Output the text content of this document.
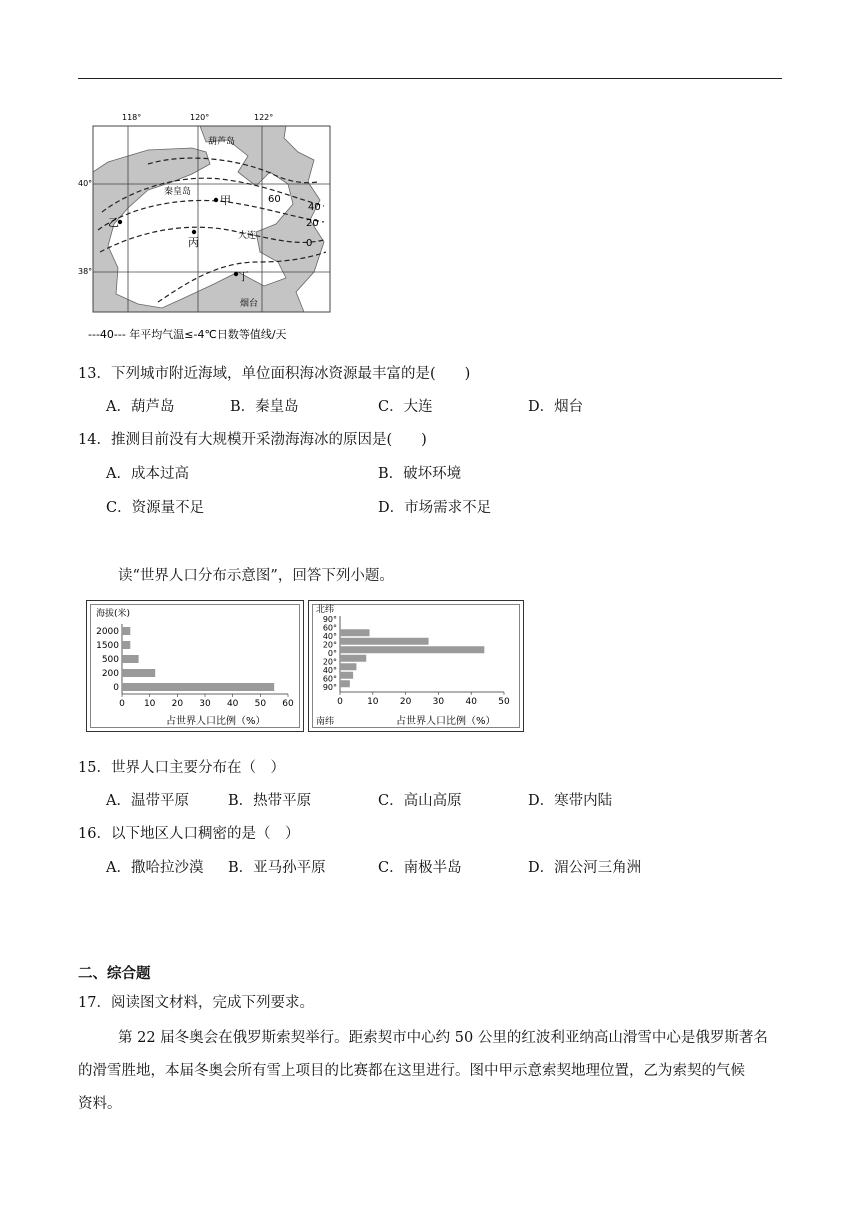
118°	120°	122°
40°
38°
葫芦岛
秦皇岛
大连
烟台
甲
乙
丙
丁
60
40
20
0
---40--- 年平均气温≤-4℃日数等值线/天
13．下列城市附近海域，单位面积海冰资源最丰富的是(　　)
A．葫芦岛	B．秦皇岛	C．大连	D．烟台
14．推测目前没有大规模开采渤海海冰的原因是(　　)
A．成本过高	B．破坏环境
C．资源量不足	D．市场需求不足
读“世界人口分布示意图”，回答下列小题。
海拔(米)
2000
1500
500
200
0
0 10 20 30 40 50 60
占世界人口比例（%）
北纬
90°
60°
40°
20°
0°
20°
40°
60°
90°
0	10 20 30 40 50
南纬	占世界人口比例（%）
15．世界人口主要分布在（　）
A．温带平原	B．热带平原	C．高山高原	D．寒带内陆
16．以下地区人口稠密的是（　）
A．撒哈拉沙漠 B．亚马孙平原	C．南极半岛	D．湄公河三角洲
二、综合题
17．阅读图文材料，完成下列要求。
第 22 届冬奥会在俄罗斯索契举行。距索契市中心约 50 公里的红波利亚纳高山滑雪中心是俄罗斯著名
的滑雪胜地，本届冬奥会所有雪上项目的比赛都在这里进行。图中甲示意索契地理位置，乙为索契的气候
资料。
